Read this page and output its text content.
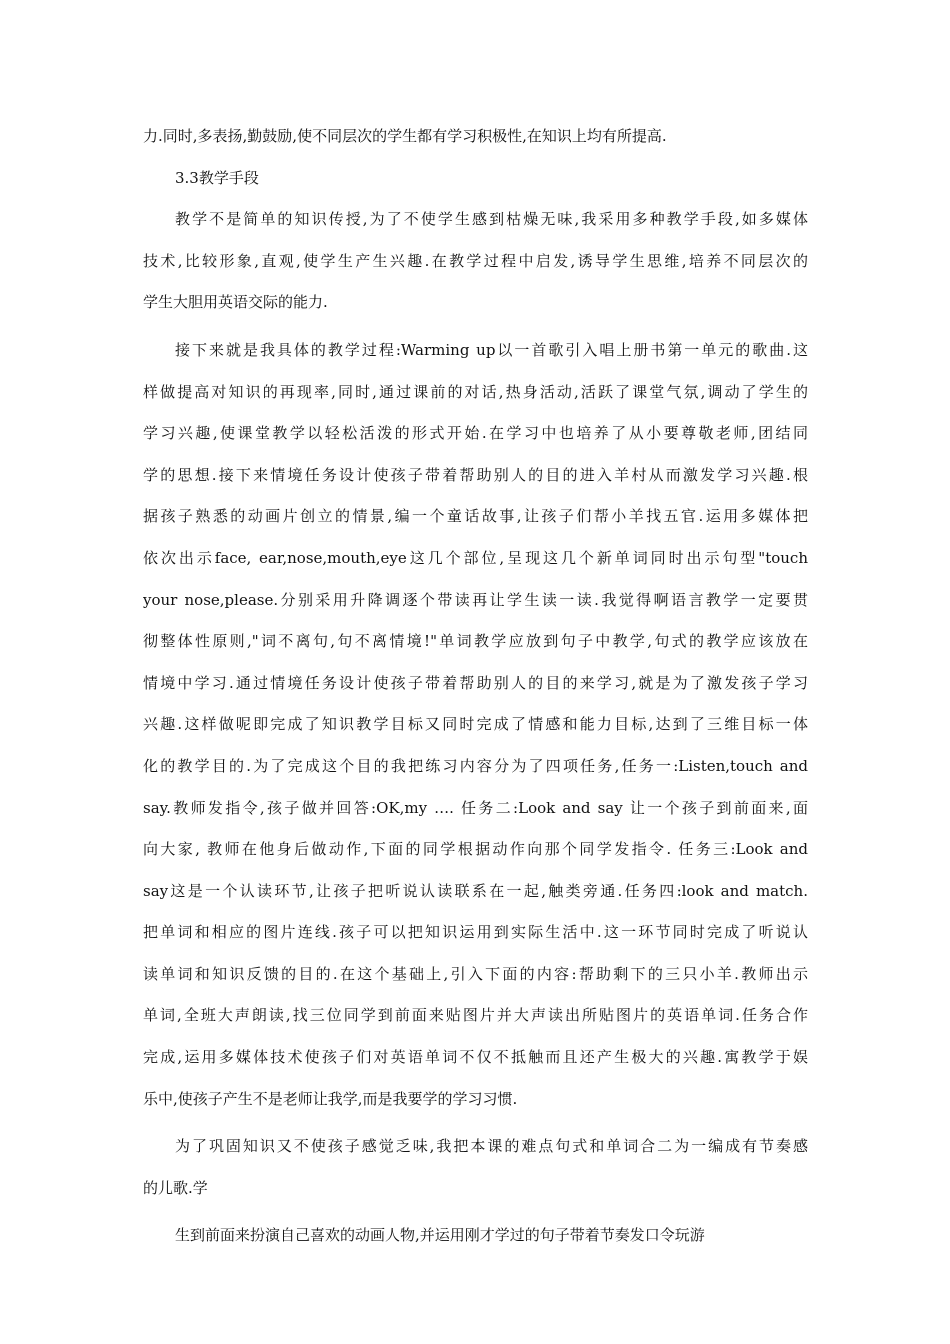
力.同时,多表扬,勤鼓励,使不同层次的学生都有学习积极性,在知识上均有所提高.
3.3教学手段
教学不是简单的知识传授,为了不使学生感到枯燥无味,我采用多种教学手段,如多媒体
技术,比较形象,直观,使学生产生兴趣.在教学过程中启发,诱导学生思维,培养不同层次的
学生大胆用英语交际的能力.
接下来就是我具体的教学过程:Warming up以一首歌引入唱上册书第一单元的歌曲.这
样做提高对知识的再现率,同时,通过课前的对话,热身活动,活跃了课堂气氛,调动了学生的
学习兴趣,使课堂教学以轻松活泼的形式开始.在学习中也培养了从小要尊敬老师,团结同
学的思想.接下来情境任务设计使孩子带着帮助别人的目的进入羊村从而激发学习兴趣.根
据孩子熟悉的动画片创立的情景,编一个童话故事,让孩子们帮小羊找五官.运用多媒体把
依次出示face, ear,nose,mouth,eye这几个部位,呈现这几个新单词同时出示句型"touch
your nose,please.分别采用升降调逐个带读再让学生读一读.我觉得啊语言教学一定要贯
彻整体性原则,"词不离句,句不离情境!"单词教学应放到句子中教学,句式的教学应该放在
情境中学习.通过情境任务设计使孩子带着帮助别人的目的来学习,就是为了激发孩子学习
兴趣.这样做呢即完成了知识教学目标又同时完成了情感和能力目标,达到了三维目标一体
化的教学目的.为了完成这个目的我把练习内容分为了四项任务,任务一:Listen,touch and
say.教师发指令,孩子做并回答:OK,my …. 任务二:Look and say 让一个孩子到前面来,面
向大家, 教师在他身后做动作,下面的同学根据动作向那个同学发指令. 任务三:Look and
say这是一个认读环节,让孩子把听说认读联系在一起,触类旁通.任务四:look and match.
把单词和相应的图片连线.孩子可以把知识运用到实际生活中.这一环节同时完成了听说认
读单词和知识反馈的目的.在这个基础上,引入下面的内容:帮助剩下的三只小羊.教师出示
单词,全班大声朗读,找三位同学到前面来贴图片并大声读出所贴图片的英语单词.任务合作
完成,运用多媒体技术使孩子们对英语单词不仅不抵触而且还产生极大的兴趣.寓教学于娱
乐中,使孩子产生不是老师让我学,而是我要学的学习习惯.
为了巩固知识又不使孩子感觉乏味,我把本课的难点句式和单词合二为一编成有节奏感
的儿歌.学
生到前面来扮演自己喜欢的动画人物,并运用刚才学过的句子带着节奏发口令玩游
